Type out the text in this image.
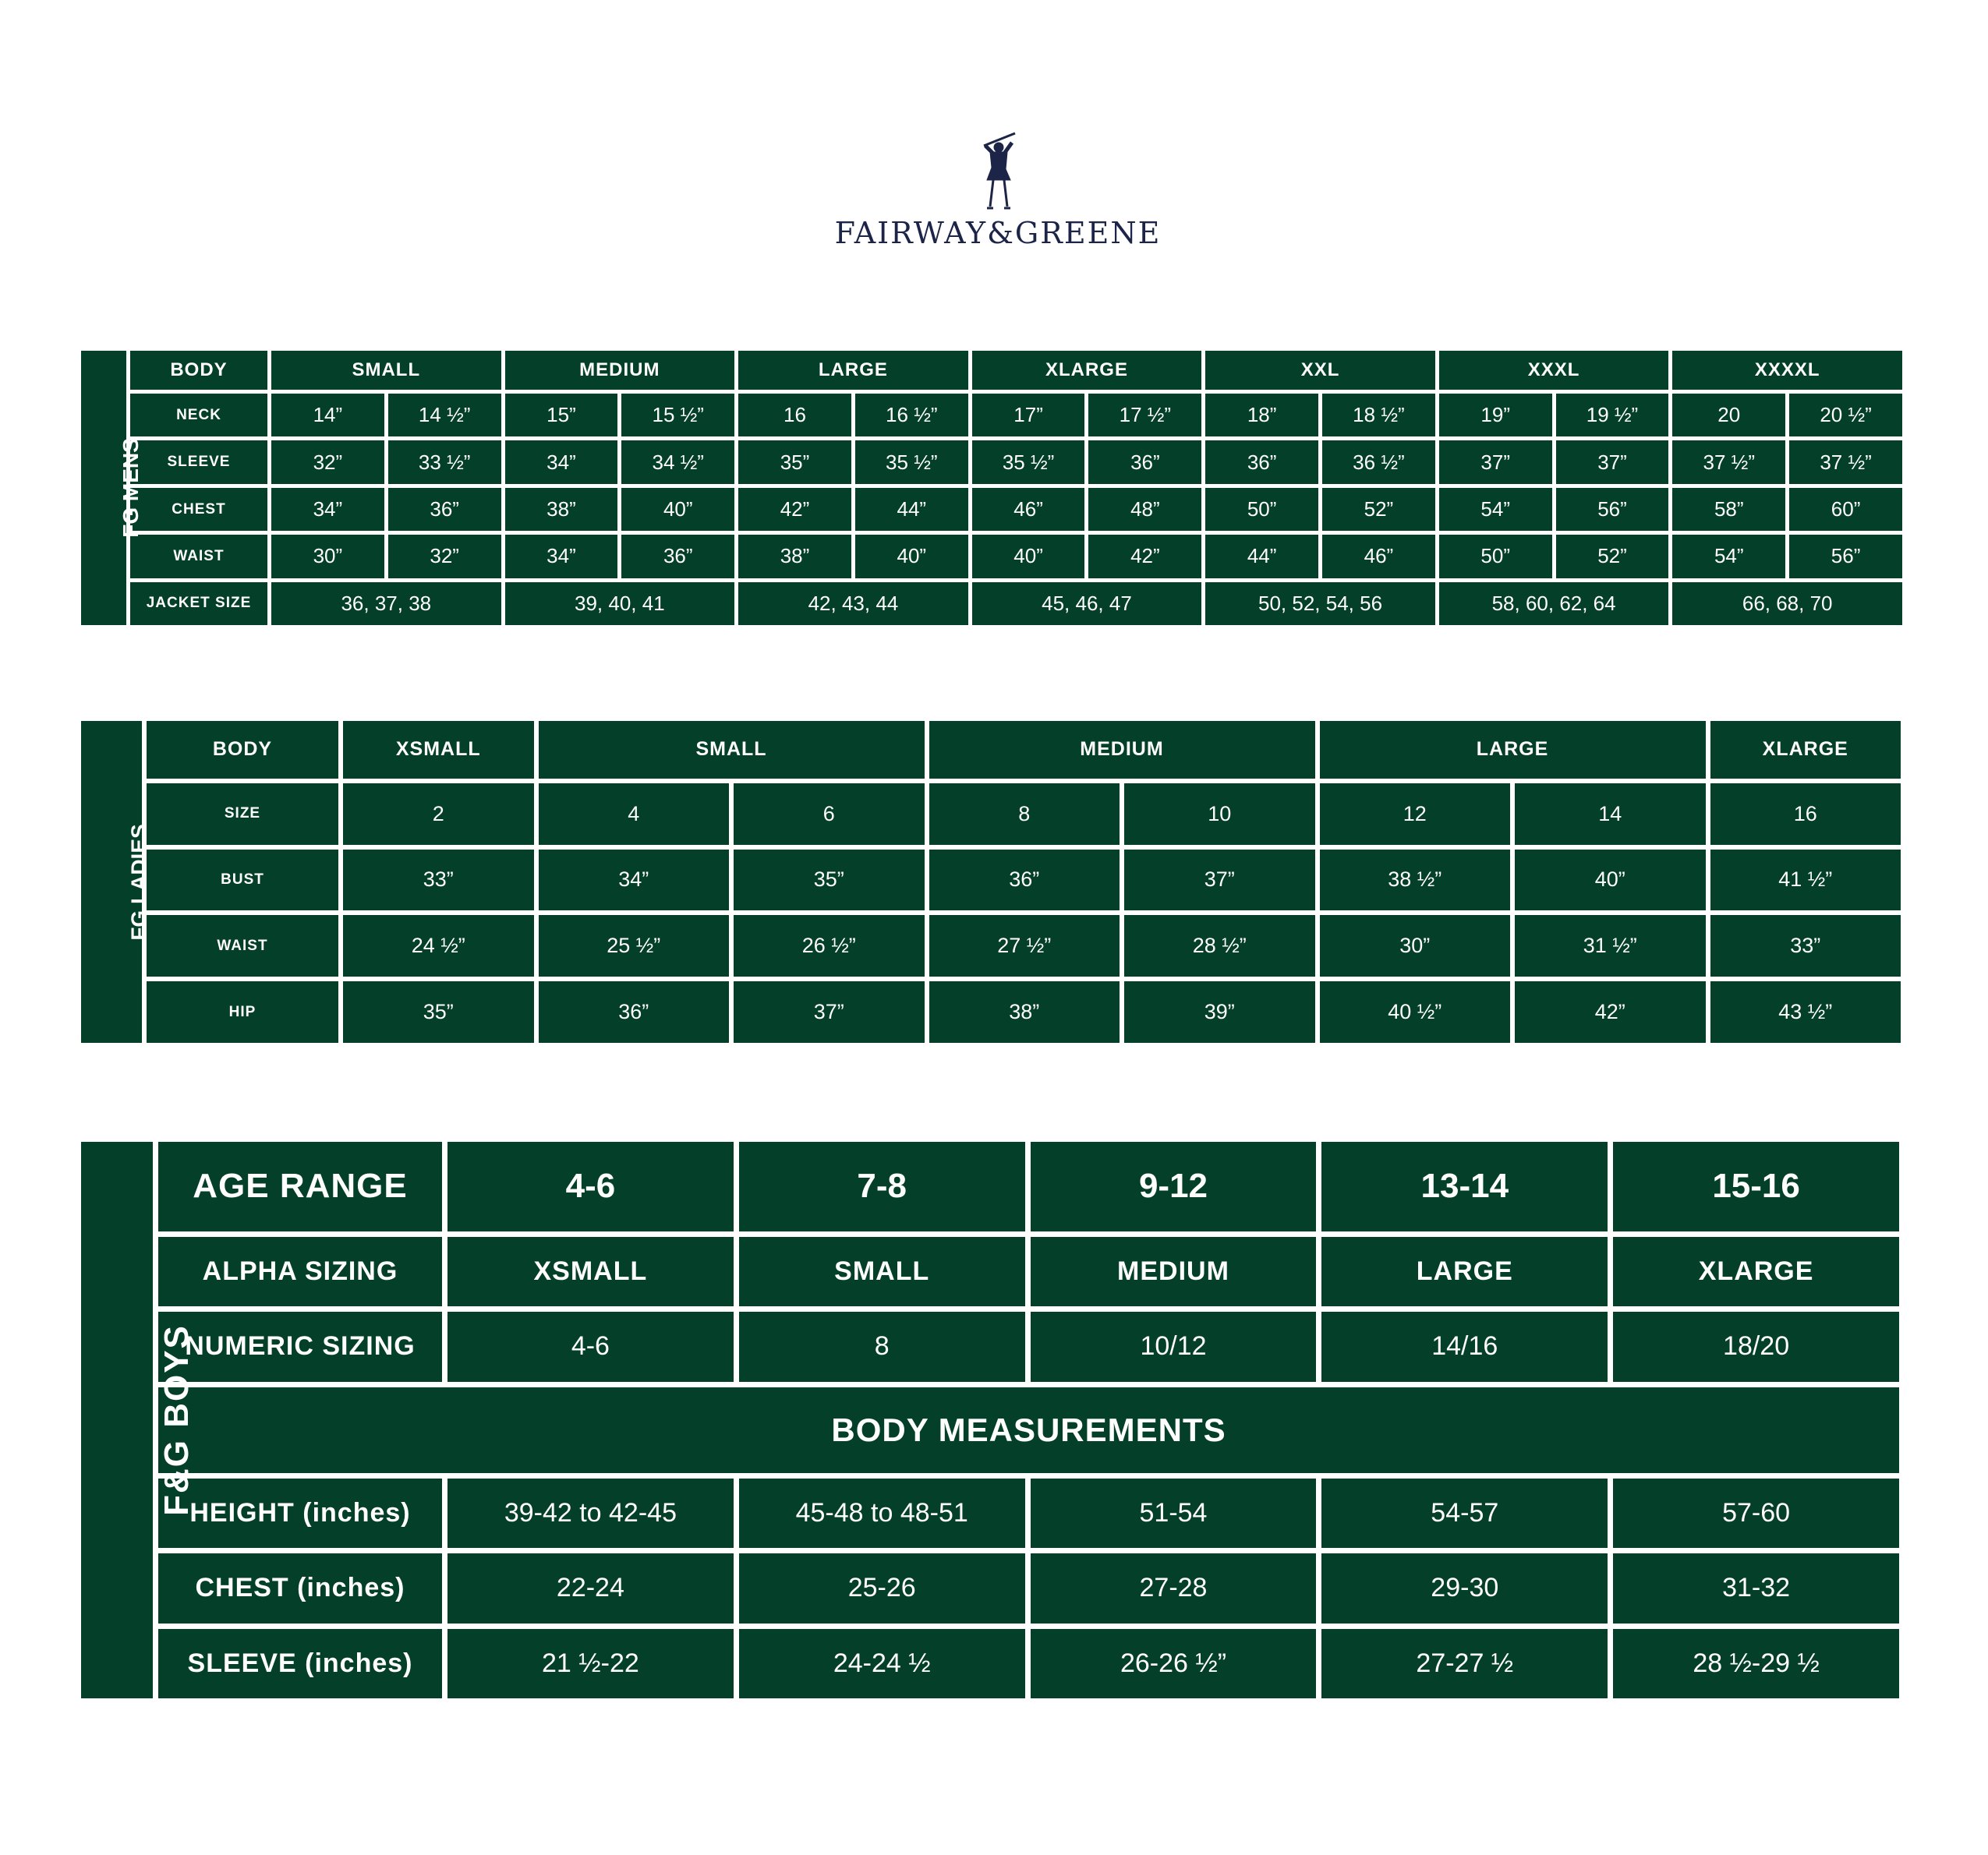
FAIRWAY&GREENE
FG MENS	BODY	SMALL		MEDIUM		LARGE		XLARGE		XXL		XXXL		XXXXL	
	NECK	14”	14 ½”	15”	15 ½”	16	16 ½”	17”	17 ½”	18”	18 ½”	19”	19 ½”	20	20 ½”
	SLEEVE	32”	33 ½”	34”	34 ½”	35”	35 ½”	35 ½”	36”	36”	36 ½”	37”	37”	37 ½”	37 ½”
	CHEST	34”	36”	38”	40”	42”	44”	46”	48”	50”	52”	54”	56”	58”	60”
	WAIST	30”	32”	34”	36”	38”	40”	40”	42”	44”	46”	50”	52”	54”	56”
	JACKET SIZE	36, 37, 38		39, 40, 41		42, 43, 44		45, 46, 47		50, 52, 54, 56		58, 60, 62, 64		66, 68, 70	
FG LADIES	BODY	XSMALL	SMALL		MEDIUM		LARGE		XLARGE
	SIZE	2	4	6	8	10	12	14	16
	BUST	33”	34”	35”	36”	37”	38 ½”	40”	41 ½”
	WAIST	24 ½”	25 ½”	26 ½”	27 ½”	28 ½”	30”	31 ½”	33”
	HIP	35”	36”	37”	38”	39”	40 ½”	42”	43 ½”
F&G BOYS	AGE RANGE	4-6	7-8	9-12	13-14	15-16
	ALPHA SIZING	XSMALL	SMALL	MEDIUM	LARGE	XLARGE
	NUMERIC SIZING	4-6	8	10/12	14/16	18/20
	BODY MEASUREMENTS					
	HEIGHT (inches)	39-42 to 42-45	45-48 to 48-51	51-54	54-57	57-60
	CHEST (inches)	22-24	25-26	27-28	29-30	31-32
	SLEEVE (inches)	21 ½-22	24-24 ½	26-26 ½”	27-27 ½	28 ½-29 ½
